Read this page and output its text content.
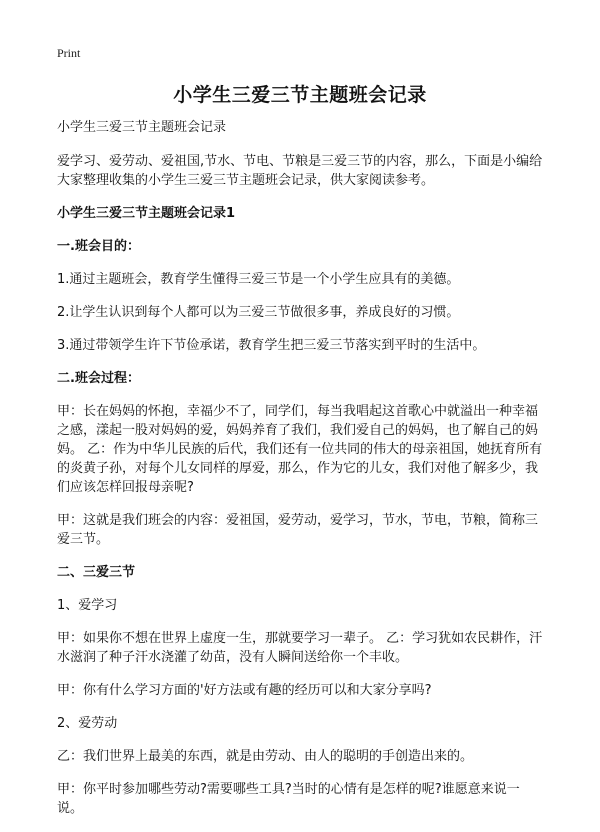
Print
小学生三爱三节主题班会记录

小学生三爱三节主题班会记录

爱学习、爱劳动、爱祖国,节水、节电、节粮是三爱三节的内容，那么，下面是小编给大家整理收集的小学生三爱三节主题班会记录，供大家阅读参考。

小学生三爱三节主题班会记录1

一.班会目的：

1.通过主题班会，教育学生懂得三爱三节是一个小学生应具有的美德。

2.让学生认识到每个人都可以为三爱三节做很多事，养成良好的习惯。

3.通过带领学生许下节俭承诺，教育学生把三爱三节落实到平时的生活中。

二.班会过程：

甲：长在妈妈的怀抱，幸福少不了，同学们，每当我唱起这首歌心中就溢出一种幸福之感，漾起一股对妈妈的爱，妈妈养育了我们，我们爱自己的妈妈，也了解自己的妈妈。 乙：作为中华儿民族的后代，我们还有一位共同的伟大的母亲祖国，她抚育所有的炎黄子孙，对每个儿女同样的厚爱，那么，作为它的儿女，我们对他了解多少，我们应该怎样回报母亲呢?

甲：这就是我们班会的内容：爱祖国，爱劳动，爱学习，节水，节电，节粮，简称三爱三节。

二、三爱三节

1、爱学习

甲：如果你不想在世界上虚度一生，那就要学习一辈子。 乙：学习犹如农民耕作，汗水滋润了种子汗水浇灌了幼苗，没有人瞬间送给你一个丰收。

甲：你有什么学习方面的'好方法或有趣的经历可以和大家分享吗?

2、爱劳动

乙：我们世界上最美的东西，就是由劳动、由人的聪明的手创造出来的。

甲：你平时参加哪些劳动?需要哪些工具?当时的心情有是怎样的呢?谁愿意来说一说。
